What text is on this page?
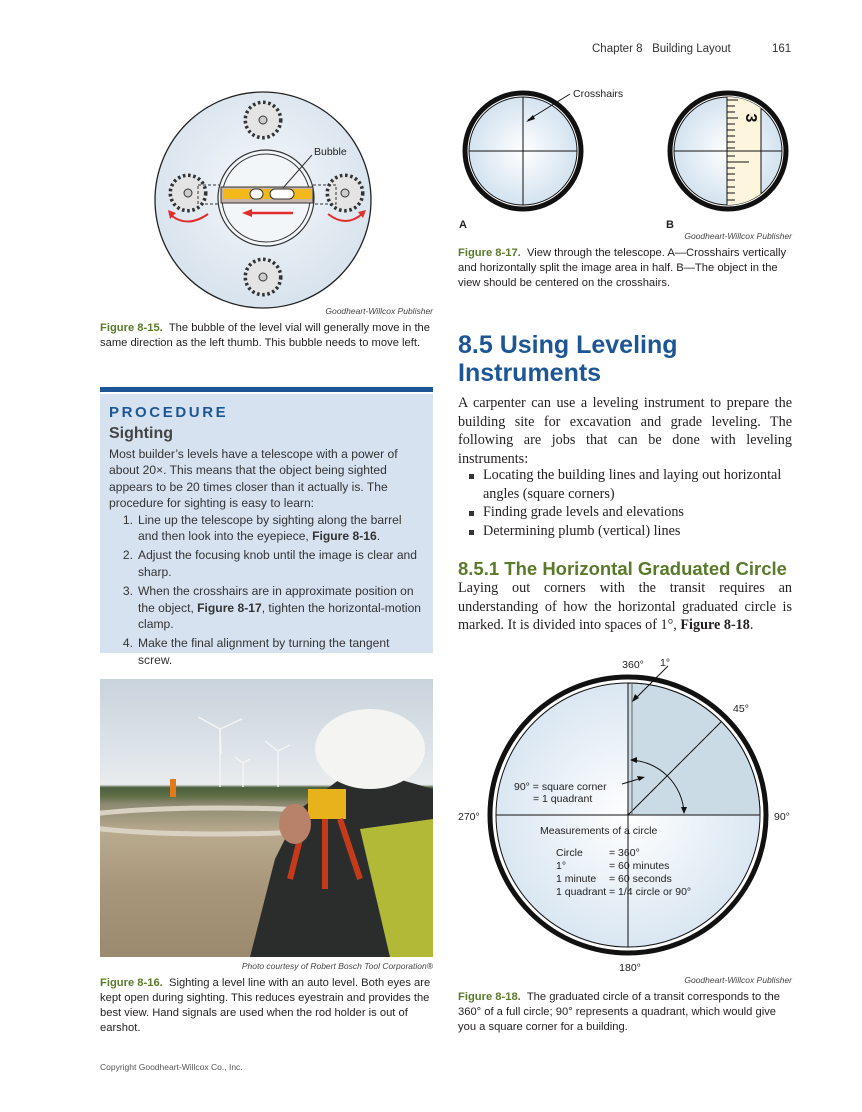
Chapter 8 Building Layout	161
Bubble
Goodheart-Willcox Publisher
Figure 8-15. The bubble of the level vial will generally move in the same direction as the left thumb. This bubble needs to move left.
PROCEDURE
Sighting
Most builder’s levels have a telescope with a power of about 20×. This means that the object being sighted appears to be 20 times closer than it actually is. The procedure for sighting is easy to learn:
1. Line up the telescope by sighting along the barrel and then look into the eyepiece, Figure 8-16.
2. Adjust the focusing knob until the image is clear and sharp.
3. When the crosshairs are in approximate position on the object, Figure 8-17, tighten the horizontal-motion clamp.
4. Make the final alignment by turning the tangent screw.
Photo courtesy of Robert Bosch Tool Corporation®
Figure 8-16. Sighting a level line with an auto level. Both eyes are kept open during sighting. This reduces eyestrain and provides the best view. Hand signals are used when the rod holder is out of earshot.
Copyright Goodheart-Willcox Co., Inc.
Crosshairs
3
A	B
Goodheart-Willcox Publisher
Figure 8-17. View through the telescope. A—Crosshairs vertically and horizontally split the image area in half. B—The object in the view should be centered on the crosshairs.
8.5 Using Leveling Instruments
A carpenter can use a leveling instrument to prepare the building site for excavation and grade leveling. The following are jobs that can be done with leveling instruments:
Locating the building lines and laying out horizontal angles (square corners)
Finding grade levels and elevations
Determining plumb (vertical) lines
8.5.1 The Horizontal Graduated Circle
Laying out corners with the transit requires an understanding of how the horizontal graduated circle is marked. It is divided into spaces of 1°, Figure 8-18.
360° 1°
45°
270°	90°
180°
90° = square corner
= 1 quadrant
Measurements of a circle
Circle = 360°
1°	= 60 minutes
1 minute = 60 seconds
1 quadrant = 1/4 circle or 90°
Goodheart-Willcox Publisher
Figure 8-18. The graduated circle of a transit corresponds to the 360° of a full circle; 90° represents a quadrant, which would give you a square corner for a building.
